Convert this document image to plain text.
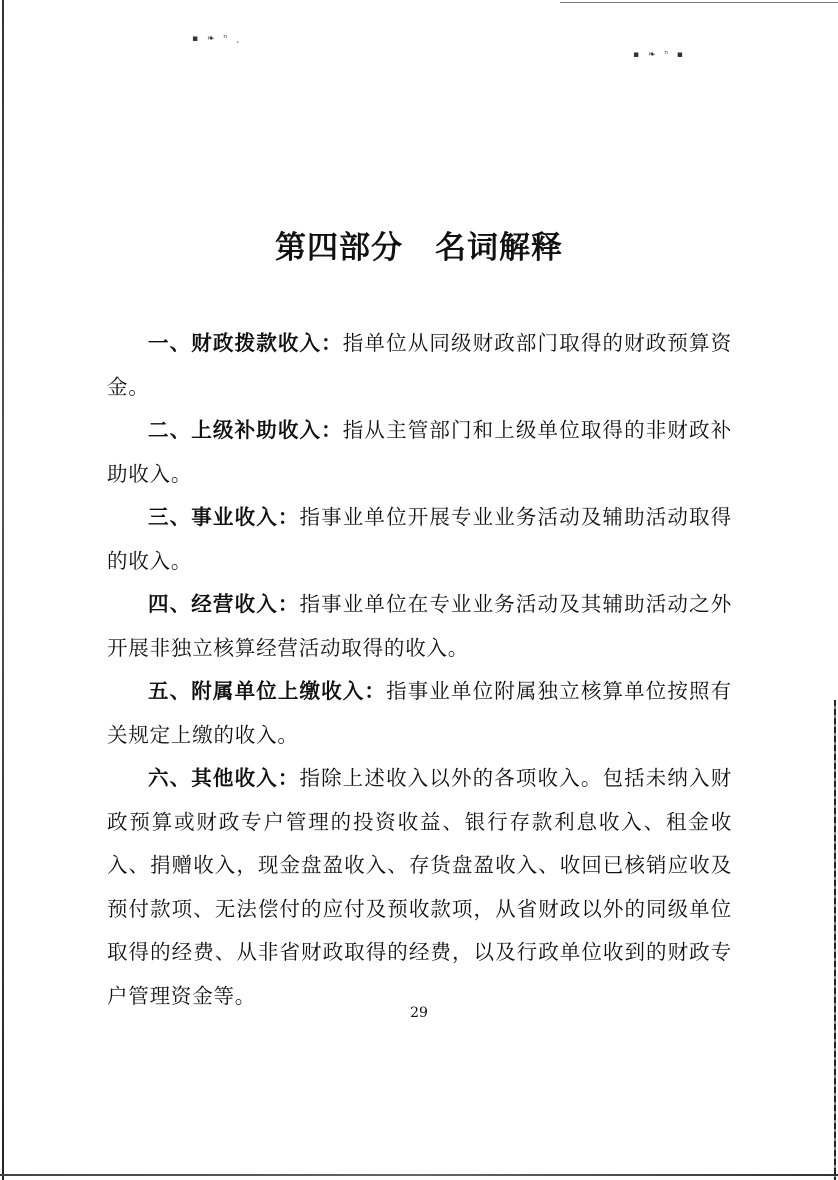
▪ ❧ ⁿ ˎ
▪ ❧ ⁿ ▪
第四部分　名词解释

一、财政拨款收入：指单位从同级财政部门取得的财政预算资金。

二、上级补助收入：指从主管部门和上级单位取得的非财政补助收入。

三、事业收入：指事业单位开展专业业务活动及辅助活动取得的收入。

四、经营收入：指事业单位在专业业务活动及其辅助活动之外开展非独立核算经营活动取得的收入。

五、附属单位上缴收入：指事业单位附属独立核算单位按照有关规定上缴的收入。

六、其他收入：指除上述收入以外的各项收入。包括未纳入财政预算或财政专户管理的投资收益、银行存款利息收入、租金收入、捐赠收入，现金盘盈收入、存货盘盈收入、收回已核销应收及预付款项、无法偿付的应付及预收款项，从省财政以外的同级单位取得的经费、从非省财政取得的经费，以及行政单位收到的财政专户管理资金等。

29
